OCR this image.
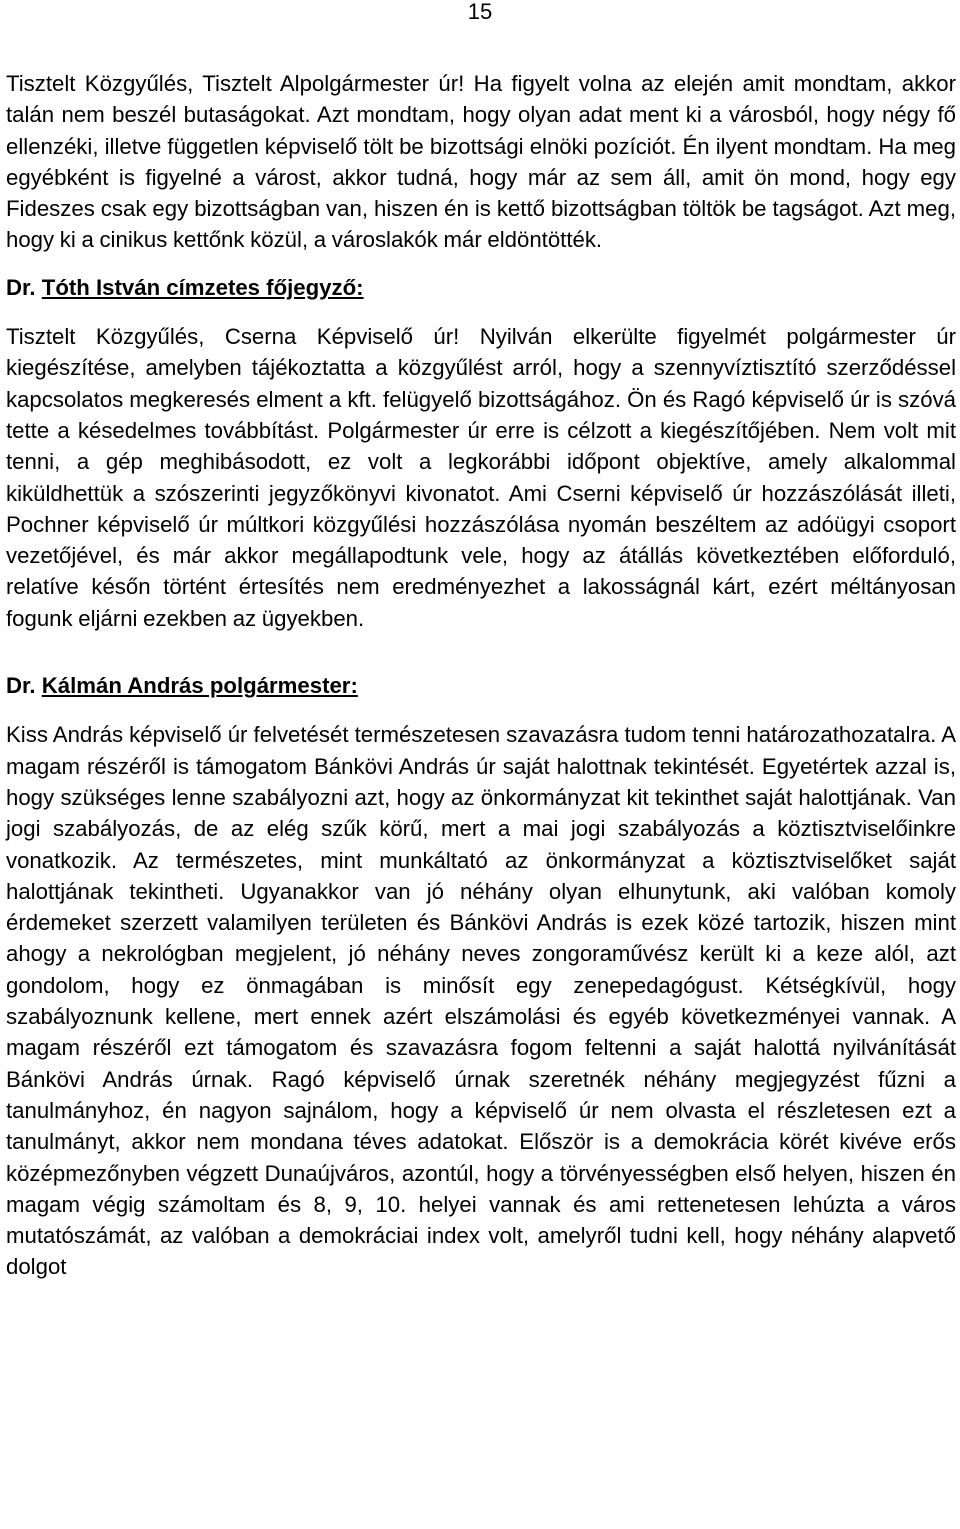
15

Tisztelt Közgyűlés, Tisztelt Alpolgármester úr! Ha figyelt volna az elején amit mondtam, akkor talán nem beszél butaságokat. Azt mondtam, hogy olyan adat ment ki a városból, hogy négy fő ellenzéki, illetve független képviselő tölt be bizottsági elnöki pozíciót. Én ilyent mondtam. Ha meg egyébként is figyelné a várost, akkor tudná, hogy már az sem áll, amit ön mond, hogy egy Fideszes csak egy bizottságban van, hiszen én is kettő bizottságban töltök be tagságot. Azt meg, hogy ki a cinikus kettőnk közül, a városlakók már eldöntötték.

Dr. Tóth István címzetes főjegyző:

Tisztelt Közgyűlés, Cserna Képviselő úr! Nyilván elkerülte figyelmét polgármester úr kiegészítése, amelyben tájékoztatta a közgyűlést arról, hogy a szennyvíztisztító szerződéssel kapcsolatos megkeresés elment a kft. felügyelő bizottságához. Ön és Ragó képviselő úr is szóvá tette a késedelmes továbbítást. Polgármester úr erre is célzott a kiegészítőjében. Nem volt mit tenni, a gép meghibásodott, ez volt a legkorábbi időpont objektíve, amely alkalommal kiküldhettük a szószerinti jegyzőkönyvi kivonatot. Ami Cserni képviselő úr hozzászólását illeti, Pochner képviselő úr múltkori közgyűlési hozzászólása nyomán beszéltem az adóügyi csoport vezetőjével, és már akkor megállapodtunk vele, hogy az átállás következtében előforduló, relatíve későn történt értesítés nem eredményezhet a lakosságnál kárt, ezért méltányosan fogunk eljárni ezekben az ügyekben.

Dr. Kálmán András polgármester:

Kiss András képviselő úr felvetését természetesen szavazásra tudom tenni határozathozatalra. A magam részéről is támogatom Bánkövi András úr saját halottnak tekintését. Egyetértek azzal is, hogy szükséges lenne szabályozni azt, hogy az önkormányzat kit tekinthet saját halottjának. Van jogi szabályozás, de az elég szűk körű, mert a mai jogi szabályozás a köztisztviselőinkre vonatkozik. Az természetes, mint munkáltató az önkormányzat a köztisztviselőket saját halottjának tekintheti. Ugyanakkor van jó néhány olyan elhunytunk, aki valóban komoly érdemeket szerzett valamilyen területen és Bánkövi András is ezek közé tartozik, hiszen mint ahogy a nekrológban megjelent, jó néhány neves zongoraművész került ki a keze alól, azt gondolom, hogy ez önmagában is minősít egy zenepedagógust. Kétségkívül, hogy szabályoznunk kellene, mert ennek azért elszámolási és egyéb következményei vannak. A magam részéről ezt támogatom és szavazásra fogom feltenni a saját halottá nyilvánítását Bánkövi András úrnak. Ragó képviselő úrnak szeretnék néhány megjegyzést fűzni a tanulmányhoz, én nagyon sajnálom, hogy a képviselő úr nem olvasta el részletesen ezt a tanulmányt, akkor nem mondana téves adatokat. Először is a demokrácia körét kivéve erős középmezőnyben végzett Dunaújváros, azontúl, hogy a törvényességben első helyen, hiszen én magam végig számoltam és 8, 9, 10. helyei vannak és ami rettenetesen lehúzta a város mutatószámát, az valóban a demokráciai index volt, amelyről tudni kell, hogy néhány alapvető dolgot
